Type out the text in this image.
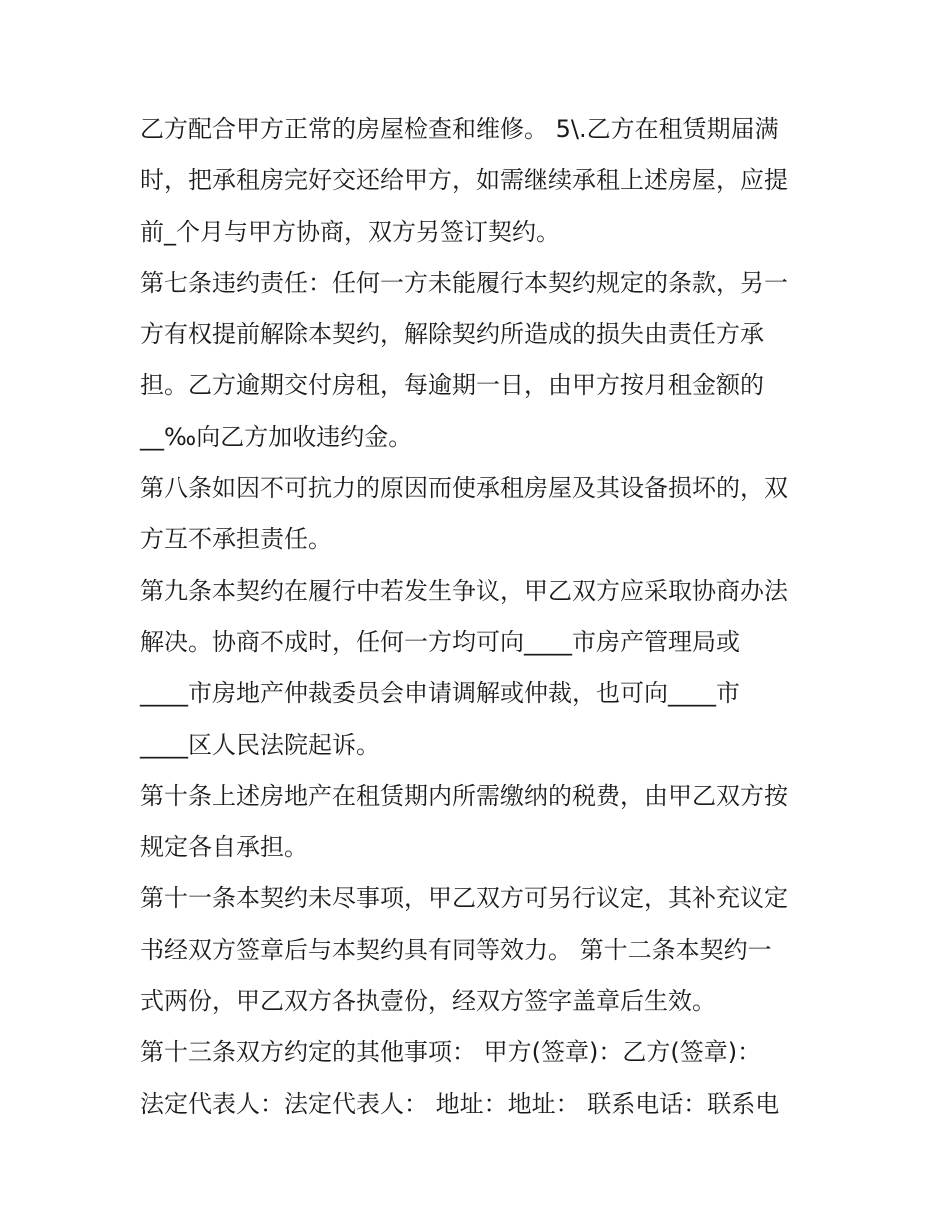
乙方配合甲方正常的房屋检查和维修。 5\.乙方在租赁期届满
时，把承租房完好交还给甲方，如需继续承租上述房屋，应提
前_个月与甲方协商，双方另签订契约。
第七条违约责任：任何一方未能履行本契约规定的条款，另一
方有权提前解除本契约，解除契约所造成的损失由责任方承
担。乙方逾期交付房租，每逾期一日，由甲方按月租金额的
__‰向乙方加收违约金。
第八条如因不可抗力的原因而使承租房屋及其设备损坏的，双
方互不承担责任。
第九条本契约在履行中若发生争议，甲乙双方应采取协商办法
解决。协商不成时，任何一方均可向____市房产管理局或
____市房地产仲裁委员会申请调解或仲裁，也可向____市
____区人民法院起诉。
第十条上述房地产在租赁期内所需缴纳的税费，由甲乙双方按
规定各自承担。
第十一条本契约未尽事项，甲乙双方可另行议定，其补充议定
书经双方签章后与本契约具有同等效力。 第十二条本契约一
式两份，甲乙双方各执壹份，经双方签字盖章后生效。
第十三条双方约定的其他事项： 甲方(签章)：乙方(签章)：
法定代表人：法定代表人： 地址：地址： 联系电话：联系电
